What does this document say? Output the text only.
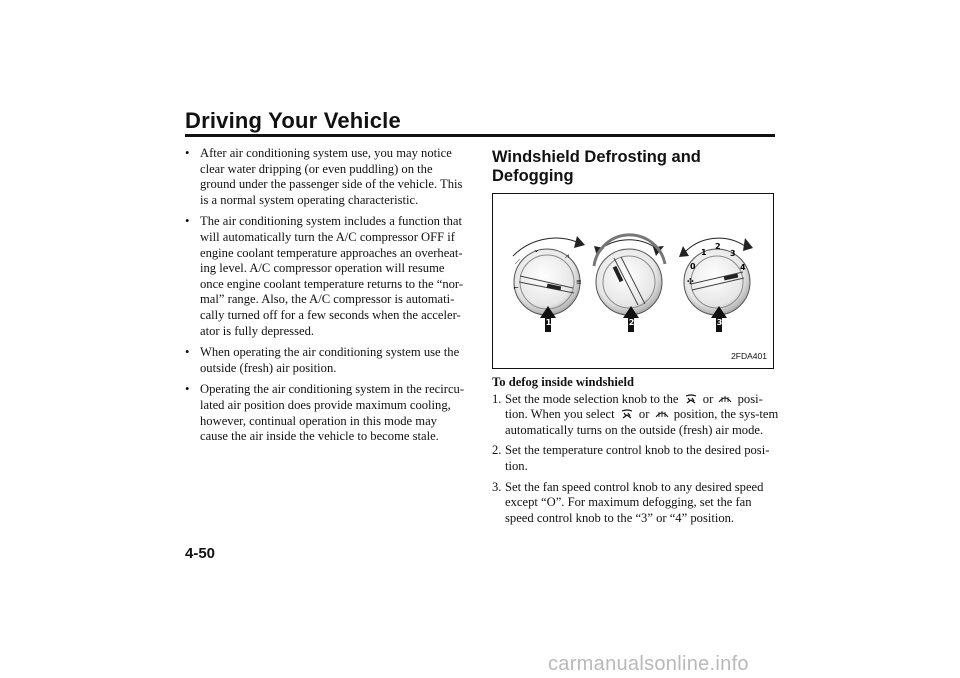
Driving Your Vehicle
• After air conditioning system use, you may notice clear water dripping (or even puddling) on the ground under the passenger side of the vehicle. This is a normal system operating characteristic.
• The air conditioning system includes a function that will automatically turn the A/C compressor OFF if engine coolant temperature approaches an overheat-ing level. A/C compressor operation will resume once engine coolant temperature returns to the “nor-mal” range. Also, the A/C compressor is automati-cally turned off for a few seconds when the acceler-ator is fully depressed.
• When operating the air conditioning system use the outside (fresh) air position.
• Operating the air conditioning system in the recircu-lated air position does provide maximum cooling, however, continual operation in this mode may cause the air inside the vehicle to become stale.
Windshield Defrosting and Defogging
⟋
⌄
⩘
≡
⌐
1	2
0
1
2
3
4
✣
3
2FDA401
To defog inside windshield
1. Set the mode selection knob to the or posi-tion. When you select or position, the sys-tem automatically turns on the outside (fresh) air mode.
2. Set the temperature control knob to the desired posi-tion.
3. Set the fan speed control knob to any desired speed except “O”. For maximum defogging, set the fan speed control knob to the “3” or “4” position.
4-50
carmanualsonline.info
